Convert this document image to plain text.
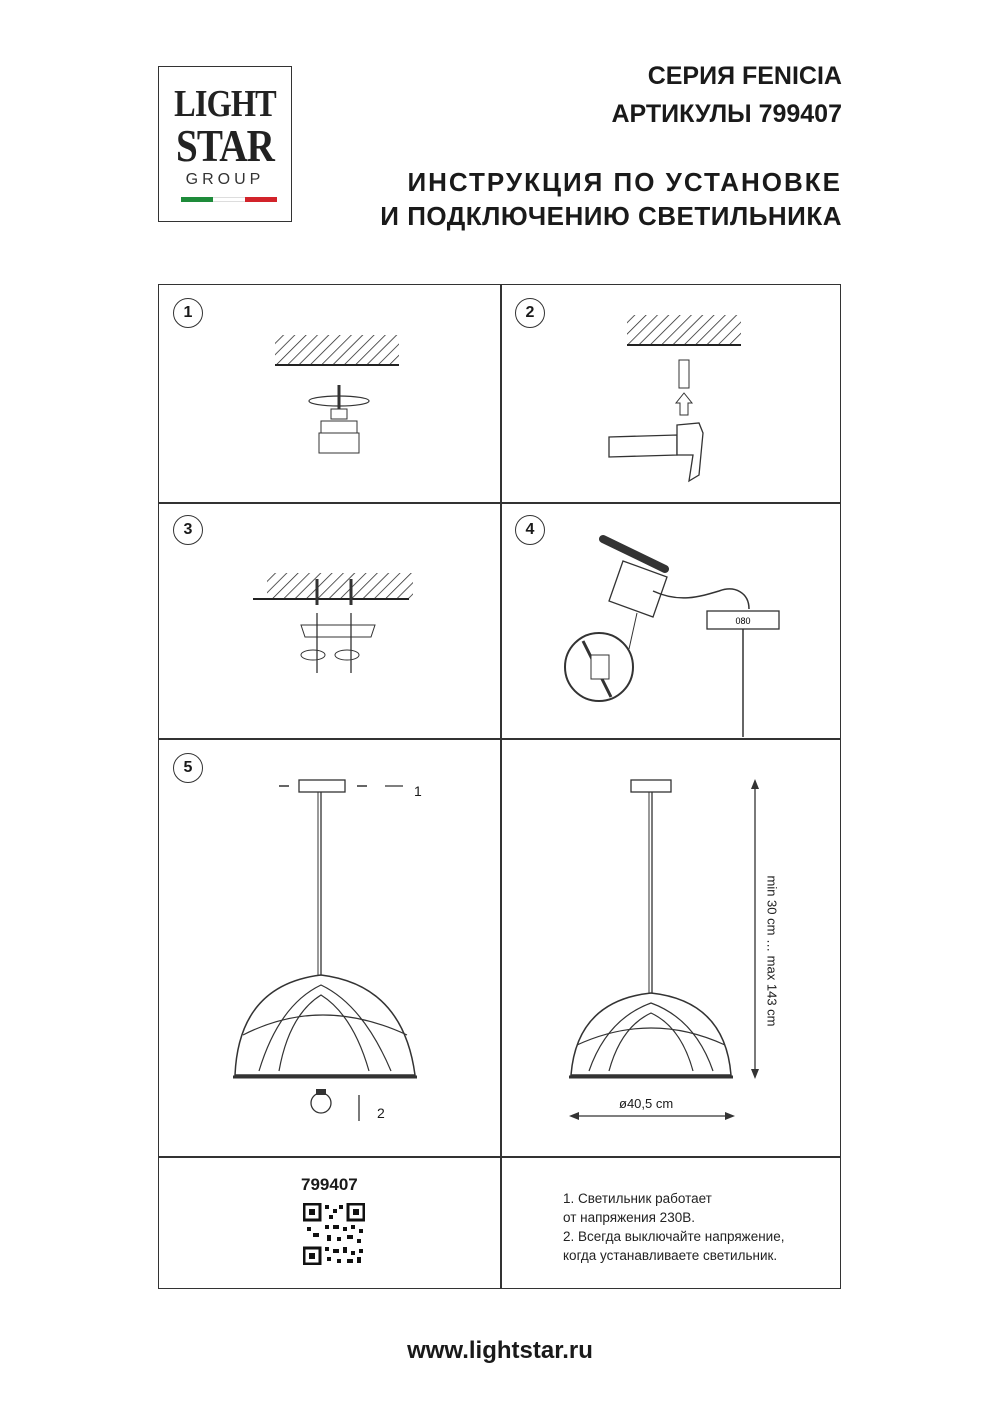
LIGHT
STAR
GROUP
СЕРИЯ FENICIA
АРТИКУЛЫ 799407
ИНСТРУКЦИЯ ПО УСТАНОВКЕ
И ПОДКЛЮЧЕНИЮ СВЕТИЛЬНИКА
1	2
3	4
5
080
1
2
min 30 cm … max 143 cm
ø40,5 cm
799407
1. Светильник работает
от напряжения 230В.
2. Всегда выключайте напряжение,
когда устанавливаете светильник.
www.lightstar.ru
